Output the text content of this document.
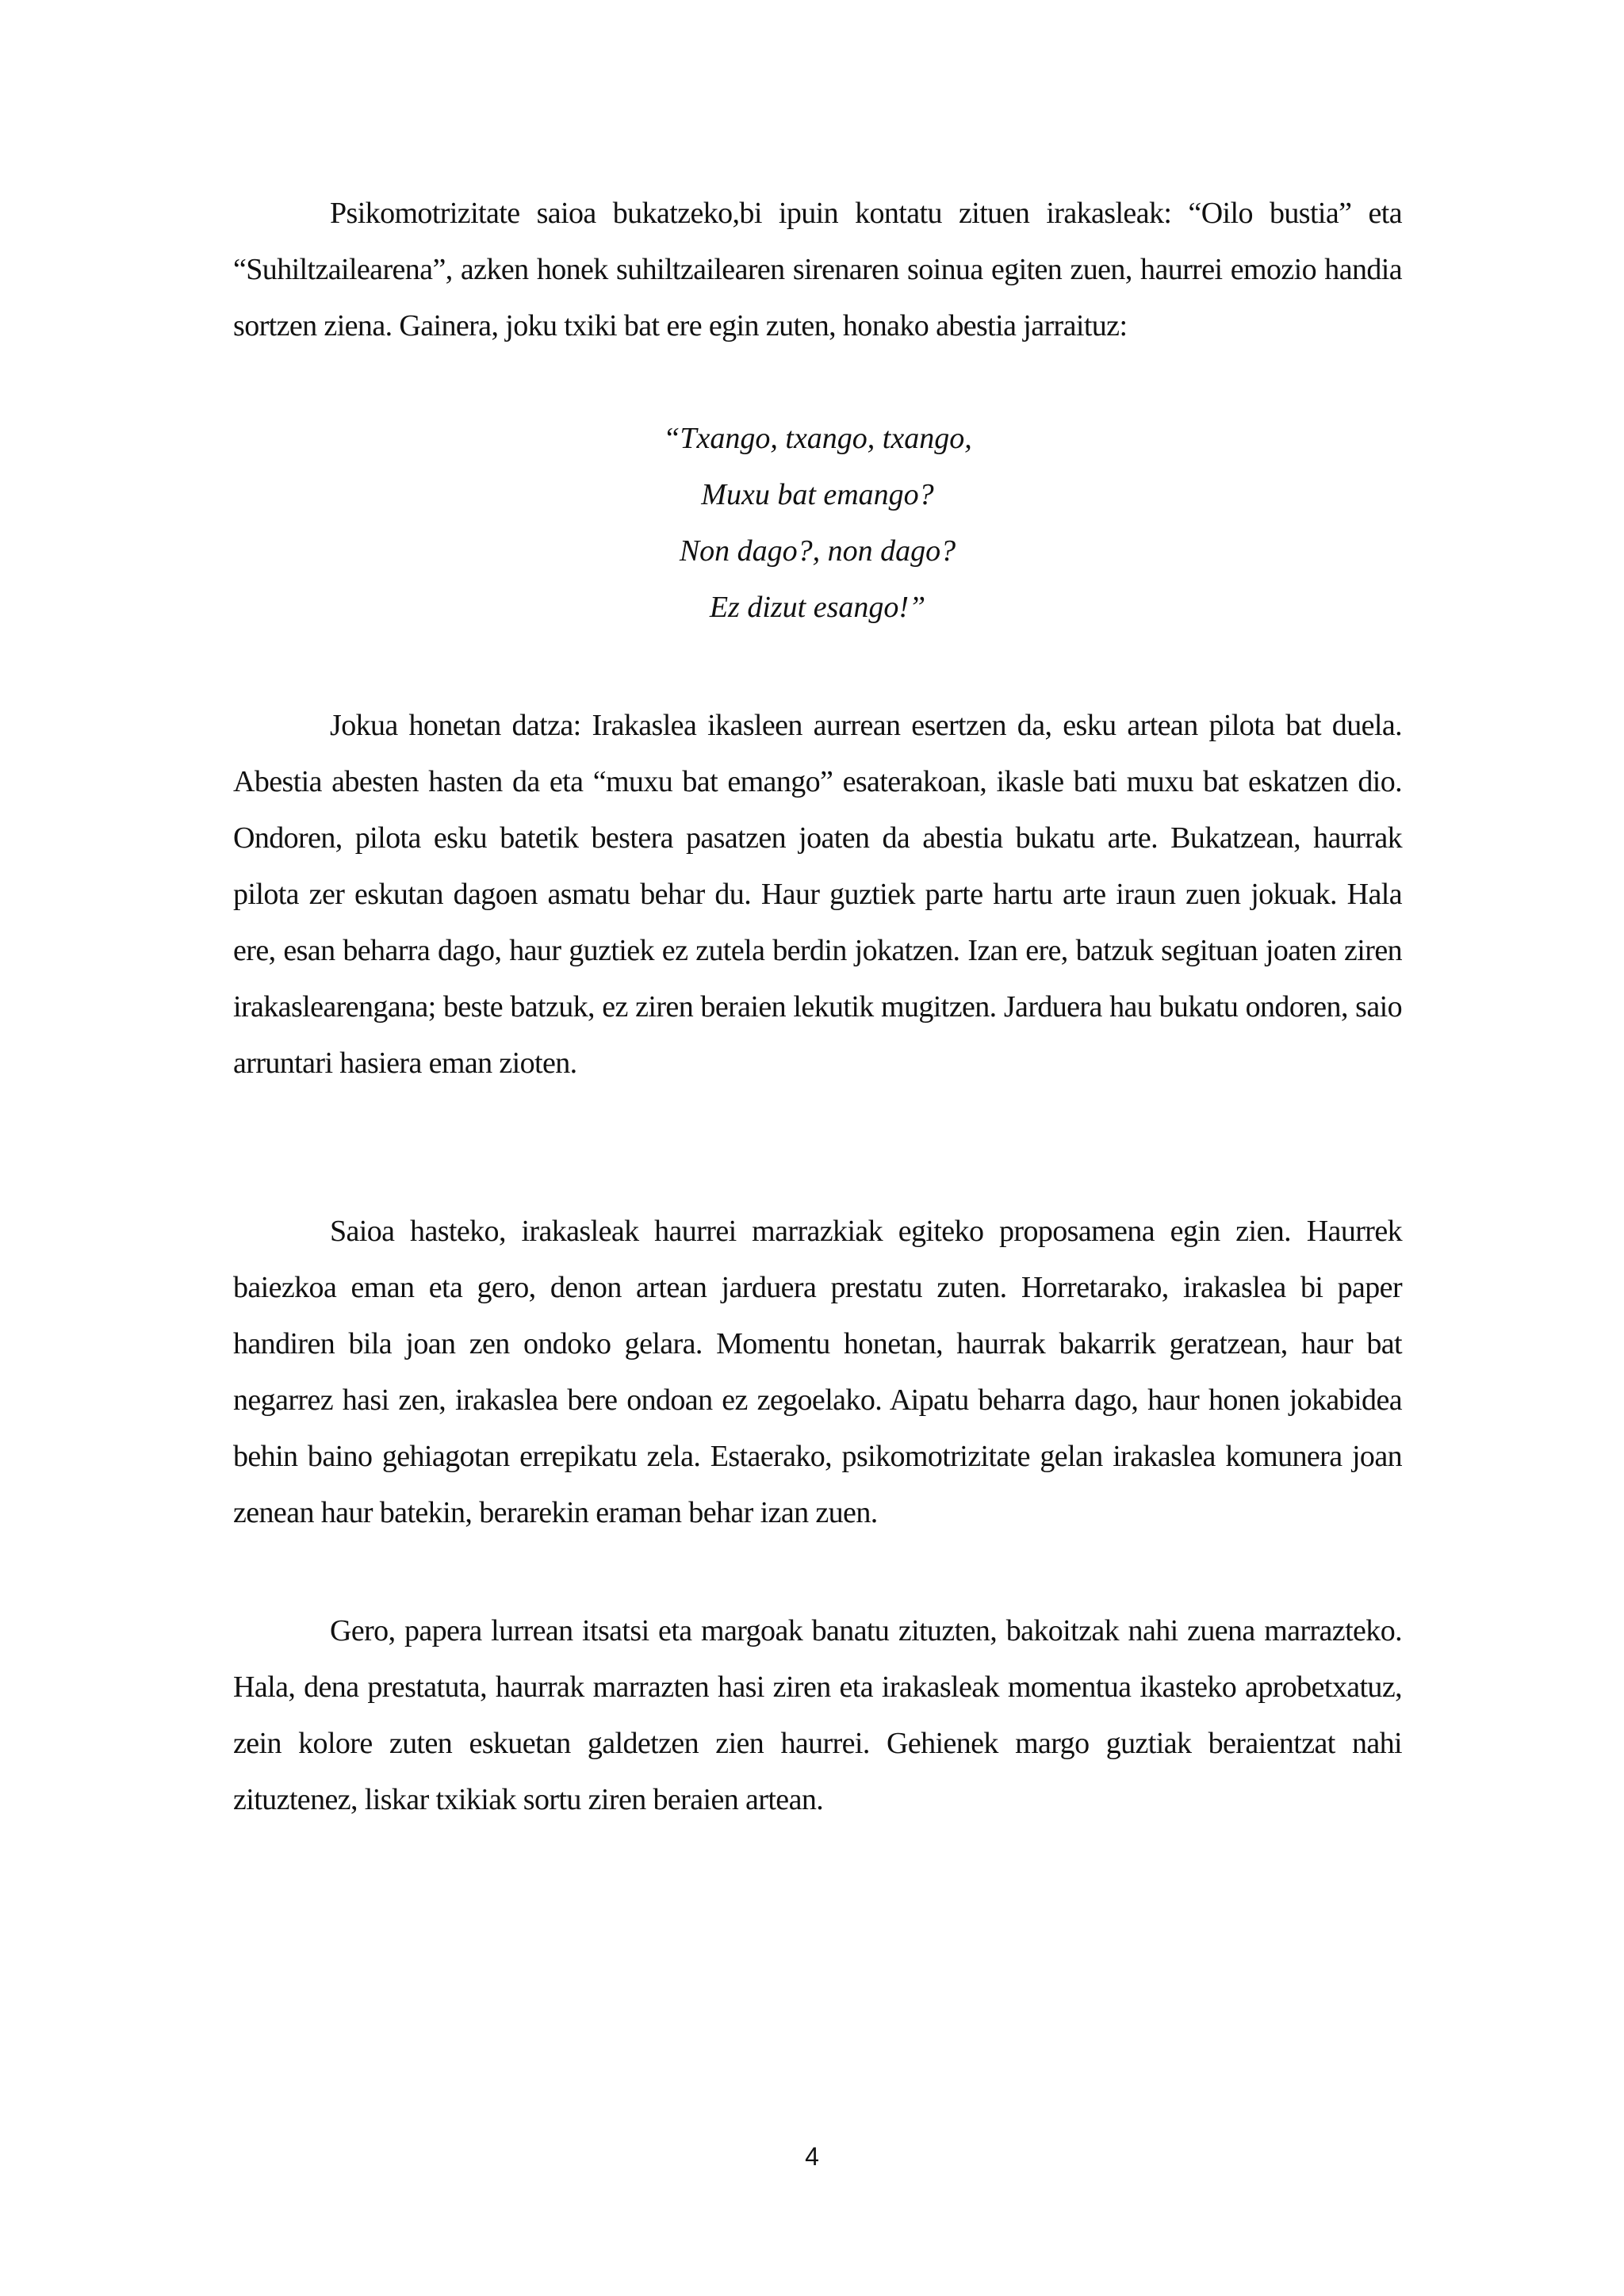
Psikomotrizitate saioa bukatzeko,bi ipuin kontatu zituen irakasleak: “Oilo bustia” eta “Suhiltzailearena”, azken honek suhiltzailearen sirenaren soinua egiten zuen, haurrei emozio handia sortzen ziena. Gainera, joku txiki bat ere egin zuten, honako abestia jarraituz:

“Txango, txango, txango,
Muxu bat emango?
Non dago?, non dago?
Ez dizut esango!”

Jokua honetan datza: Irakaslea ikasleen aurrean esertzen da, esku artean pilota bat duela. Abestia abesten hasten da eta “muxu bat emango” esaterakoan, ikasle bati muxu bat eskatzen dio. Ondoren, pilota esku batetik bestera pasatzen joaten da abestia bukatu arte. Bukatzean, haurrak pilota zer eskutan dagoen asmatu behar du. Haur guztiek parte hartu arte iraun zuen jokuak. Hala ere, esan beharra dago, haur guztiek ez zutela berdin jokatzen. Izan ere, batzuk segituan joaten ziren irakaslearengana; beste batzuk, ez ziren beraien lekutik mugitzen. Jarduera hau bukatu ondoren, saio arruntari hasiera eman zioten.

Saioa hasteko, irakasleak haurrei marrazkiak egiteko proposamena egin zien. Haurrek baiezkoa eman eta gero, denon artean jarduera prestatu zuten. Horretarako, irakaslea bi paper handiren bila joan zen ondoko gelara. Momentu honetan, haurrak bakarrik geratzean, haur bat negarrez hasi zen, irakaslea bere ondoan ez zegoelako. Aipatu beharra dago, haur honen jokabidea behin baino gehiagotan errepikatu zela. Estaerako, psikomotrizitate gelan irakaslea komunera joan zenean haur batekin, berarekin eraman behar izan zuen.

Gero, papera lurrean itsatsi eta margoak banatu zituzten, bakoitzak nahi zuena marrazteko. Hala, dena prestatuta, haurrak marrazten hasi ziren eta irakasleak momentua ikasteko aprobetxatuz, zein kolore zuten eskuetan galdetzen zien haurrei. Gehienek margo guztiak beraientzat nahi zituztenez, liskar txikiak sortu ziren beraien artean.

4
